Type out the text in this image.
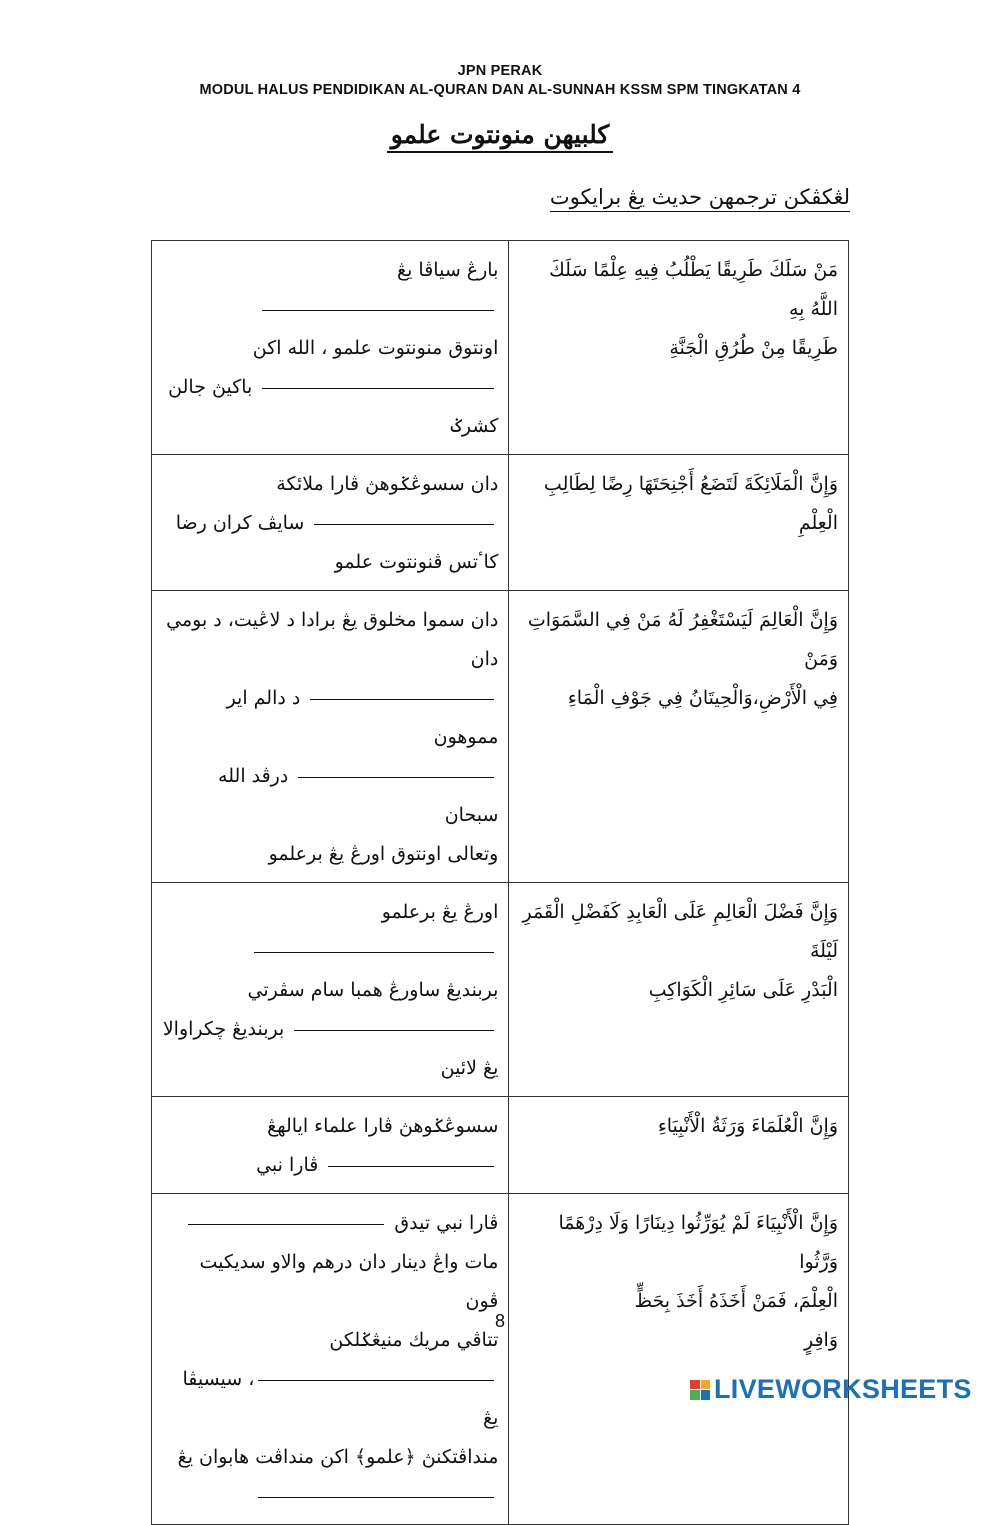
JPN PERAK
MODUL HALUS PENDIDIKAN AL-QURAN DAN AL-SUNNAH KSSM SPM TINGKATAN 4
كلبيهن منونتوت علمو
لڠكڤكن ترجمهن حديث يڠ برايكوت
بارڠ سياڤا يڠ
اونتوق منونتوت علمو ، الله اكن
باکيڽ جالن
كشرݢ	مَنْ سَلَكَ طَرِيقًا يَطْلُبُ فِيهِ عِلْمًا سَلَكَ اللَّهُ بِهِ
طَرِيقًا مِنْ طُرُقِ الْجَنَّةِ

دان سسوڠݢوهڽ ڤارا ملائكة
سايڤ كران رضا
کاٴتس ڤنونتوت علمو	وَإِنَّ الْمَلَائِكَةَ لَتَضَعُ أَجْنِحَتَهَا رِضًا لِطَالِبِ الْعِلْمِ

دان سموا مخلوق يڠ برادا د لاڠيت، د بومي دان
د دالم اير مموهون
درڤد الله سبحان
وتعالى اونتوق اورڠ يڠ برعلمو	وَإِنَّ الْعَالِمَ لَيَسْتَغْفِرُ لَهُ مَنْ فِي السَّمَوَاتِ وَمَنْ
فِي الْأَرْضِ،وَالْحِيتَانُ فِي جَوْفِ الْمَاءِ

اورڠ يڠ برعلمو
بربنديڠ ساورڠ همبا سام سڤرتي
بربنديڠ چکراوالا
يڠ لائين	وَإِنَّ فَضْلَ الْعَالِمِ عَلَى الْعَابِدِ كَفَضْلِ الْقَمَرِ لَيْلَةَ
الْبَدْرِ عَلَى سَائِرِ الْكَوَاكِبِ

سسوڠݢوهڽ ڤارا علماء ايالهڠ
ڤارا نبي	وَإِنَّ الْعُلَمَاءَ وَرَثَةُ الْأَنْبِيَاءِ

ڤارا نبي تيدق
مات واڠ دينار دان درهم والاو سديکيت ڤون
تتاڤي مريك منيڠݢلكن
، سيسيڤا يڠ
منداڤتکنڽ ﴿علمو﴾ اكن منداڤت هابوان يڠ	وَإِنَّ الْأَنْبِيَاءَ لَمْ يُوَرِّثُوا دِينَارًا وَلَا دِرْهَمًا وَرَّثُوا
الْعِلْمَ، فَمَنْ أَخَذَهُ أَخَذَ بِحَظٍّ
وَافِرٍ
8
LIVEWORKSHEETS
